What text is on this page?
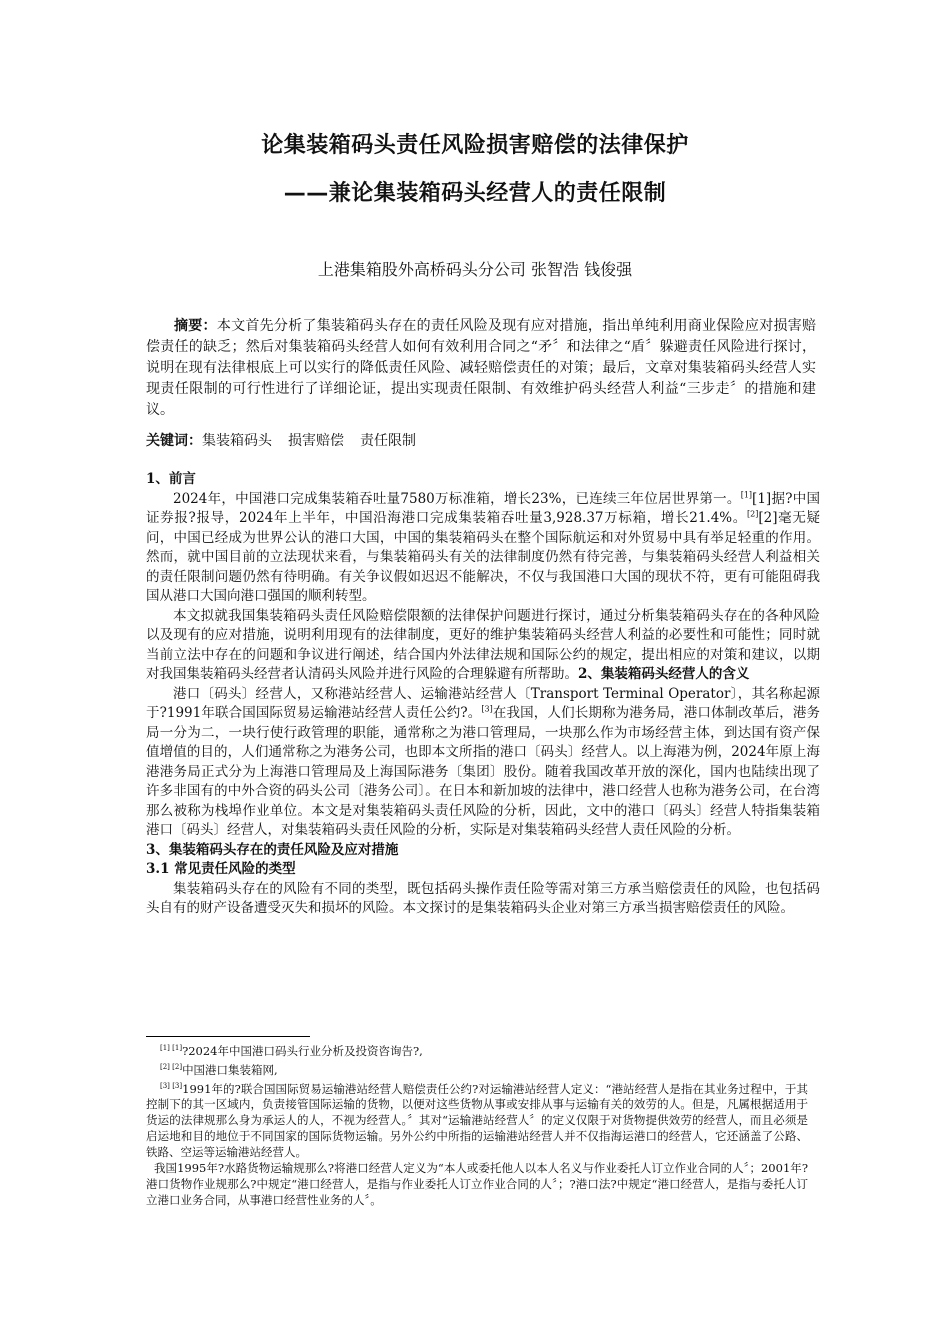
论集装箱码头责任风险损害赔偿的法律保护
——兼论集装箱码头经营人的责任限制
上港集箱股外高桥码头分公司 张智浩 钱俊强
摘要：本文首先分析了集装箱码头存在的责任风险及现有应对措施，指出单纯利用商业保险应对损害赔偿责任的缺乏；然后对集装箱码头经营人如何有效利用合同之“矛〞和法律之“盾〞躲避责任风险进行探讨，说明在现有法律根底上可以实行的降低责任风险、减轻赔偿责任的对策；最后，文章对集装箱码头经营人实现责任限制的可行性进行了详细论证，提出实现责任限制、有效维护码头经营人利益“三步走〞的措施和建议。
关键词：集装箱码头 损害赔偿 责任限制
1、前言

2024年，中国港口完成集装箱吞吐量7580万标准箱，增长23%，已连续三年位居世界第一。[1][1]据?中国证券报?报导，2024年上半年，中国沿海港口完成集装箱吞吐量3,928.37万标箱，增长21.4%。[2][2]毫无疑问，中国已经成为世界公认的港口大国，中国的集装箱码头在整个国际航运和对外贸易中具有举足轻重的作用。然而，就中国目前的立法现状来看，与集装箱码头有关的法律制度仍然有待完善，与集装箱码头经营人利益相关的责任限制问题仍然有待明确。有关争议假如迟迟不能解决，不仅与我国港口大国的现状不符，更有可能阻碍我国从港口大国向港口强国的顺利转型。

本文拟就我国集装箱码头责任风险赔偿限额的法律保护问题进行探讨，通过分析集装箱码头存在的各种风险以及现有的应对措施，说明利用现有的法律制度，更好的维护集装箱码头经营人利益的必要性和可能性；同时就当前立法中存在的问题和争议进行阐述，结合国内外法律法规和国际公约的规定，提出相应的对策和建议，以期对我国集装箱码头经营者认清码头风险并进行风险的合理躲避有所帮助。2、集装箱码头经营人的含义

港口〔码头〕经营人，又称港站经营人、运输港站经营人〔Transport Terminal Operator〕，其名称起源于?1991年联合国国际贸易运输港站经营人责任公约?。[3]在我国，人们长期称为港务局，港口体制改革后，港务局一分为二，一块行使行政管理的职能，通常称之为港口管理局，一块那么作为市场经营主体，到达国有资产保值增值的目的，人们通常称之为港务公司，也即本文所指的港口〔码头〕经营人。以上海港为例，2024年原上海港港务局正式分为上海港口管理局及上海国际港务〔集团〕股份。随着我国改革开放的深化，国内也陆续出现了许多非国有的中外合资的码头公司〔港务公司〕。在日本和新加坡的法律中，港口经营人也称为港务公司，在台湾那么被称为栈埠作业单位。本文是对集装箱码头责任风险的分析，因此，文中的港口〔码头〕经营人特指集装箱港口〔码头〕经营人，对集装箱码头责任风险的分析，实际是对集装箱码头经营人责任风险的分析。

3、集装箱码头存在的责任风险及应对措施
3.1 常见责任风险的类型

集装箱码头存在的风险有不同的类型，既包括码头操作责任险等需对第三方承当赔偿责任的风险，也包括码头自有的财产设备遭受灭失和损坏的风险。本文探讨的是集装箱码头企业对第三方承当损害赔偿责任的风险。

[1] [1]?2024年中国港口码头行业分析及投资咨询告?,

[2] [2]中国港口集装箱网,

[3] [3]1991年的?联合国国际贸易运输港站经营人赔偿责任公约?对运输港站经营人定义：“港站经营人是指在其业务过程中，于其控制下的其一区域内，负责接管国际运输的货物，以便对这些货物从事或安排从事与运输有关的效劳的人。但是，凡属根据适用于货运的法律规那么身为承运人的人，不视为经营人。〞其对“运输港站经营人〞的定义仅限于对货物提供效劳的经营人，而且必须是启运地和目的地位于不同国家的国际货物运输。另外公约中所指的运输港站经营人并不仅指海运港口的经营人，它还涵盖了公路、铁路、空运等运输港站经营人。

我国1995年?水路货物运输规那么?将港口经营人定义为“本人或委托他人以本人名义与作业委托人订立作业合同的人〞；2001年?港口货物作业规那么?中规定“港口经营人，是指与作业委托人订立作业合同的人〞；?港口法?中规定“港口经营人，是指与委托人订立港口业务合同，从事港口经营性业务的人〞。
